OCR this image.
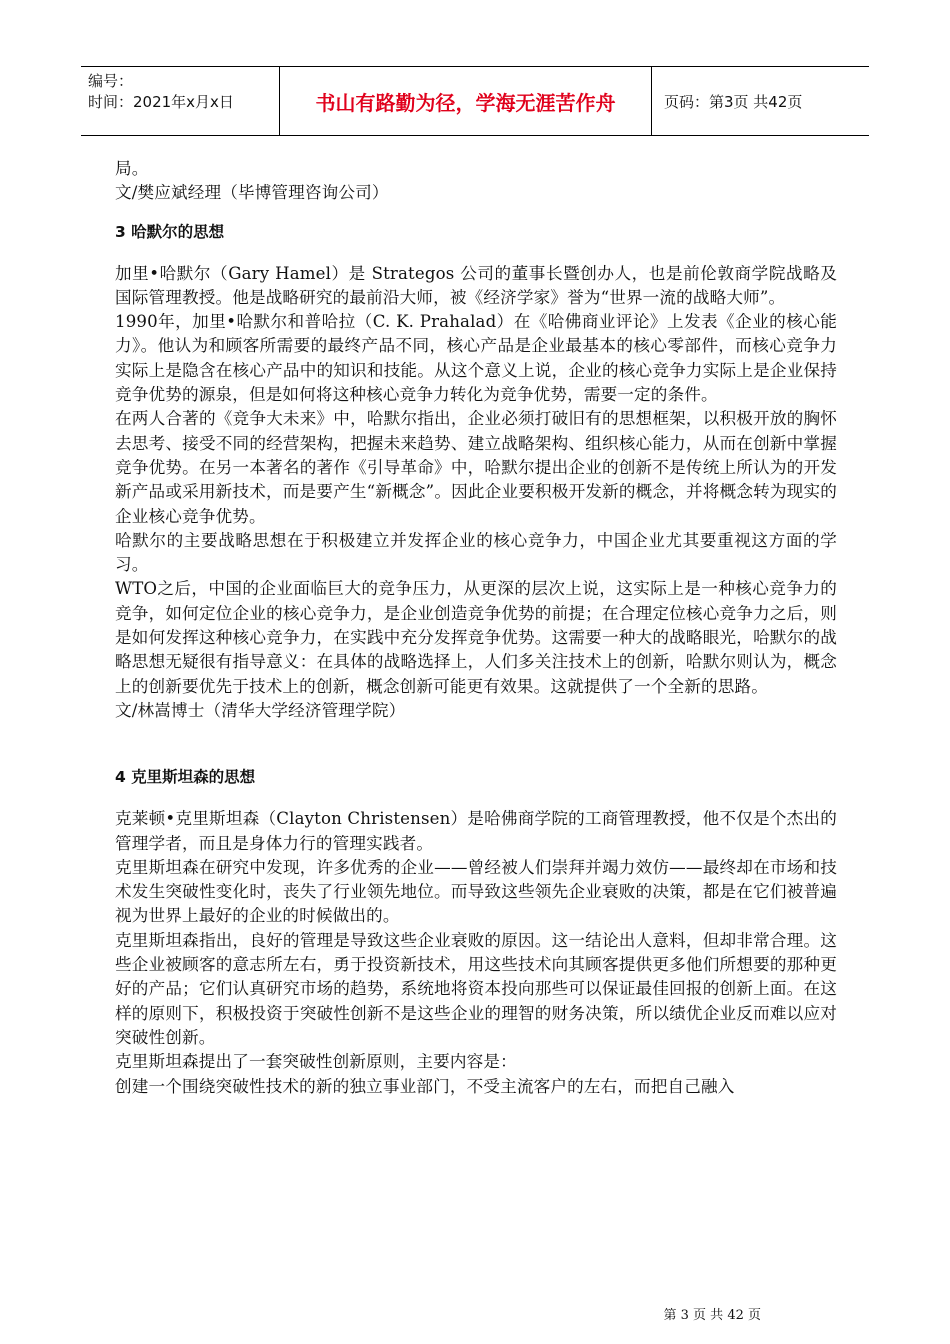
编号：
时间：2021年x月x日	书山有路勤为径，学海无涯苦作舟	页码：第3页 共42页

局。

文/樊应斌经理（毕博管理咨询公司）

3 哈默尔的思想

加里•哈默尔（Gary Hamel）是 Strategos 公司的董事长暨创办人，也是前伦敦商学院战略及国际管理教授。他是战略研究的最前沿大师，被《经济学家》誉为“世界一流的战略大师”。

1990年，加里•哈默尔和普哈拉（C. K. Prahalad）在《哈佛商业评论》上发表《企业的核心能力》。他认为和顾客所需要的最终产品不同，核心产品是企业最基本的核心零部件，而核心竞争力实际上是隐含在核心产品中的知识和技能。从这个意义上说，企业的核心竞争力实际上是企业保持竞争优势的源泉，但是如何将这种核心竞争力转化为竞争优势，需要一定的条件。

在两人合著的《竞争大未来》中，哈默尔指出，企业必须打破旧有的思想框架，以积极开放的胸怀去思考、接受不同的经营架构，把握未来趋势、建立战略架构、组织核心能力，从而在创新中掌握竞争优势。在另一本著名的著作《引导革命》中，哈默尔提出企业的创新不是传统上所认为的开发新产品或采用新技术，而是要产生“新概念”。因此企业要积极开发新的概念，并将概念转为现实的企业核心竞争优势。

哈默尔的主要战略思想在于积极建立并发挥企业的核心竞争力，中国企业尤其要重视这方面的学习。

WTO之后，中国的企业面临巨大的竞争压力，从更深的层次上说，这实际上是一种核心竞争力的竞争，如何定位企业的核心竞争力，是企业创造竞争优势的前提；在合理定位核心竞争力之后，则是如何发挥这种核心竞争力，在实践中充分发挥竞争优势。这需要一种大的战略眼光，哈默尔的战略思想无疑很有指导意义：在具体的战略选择上，人们多关注技术上的创新，哈默尔则认为，概念上的创新要优先于技术上的创新，概念创新可能更有效果。这就提供了一个全新的思路。

文/林嵩博士（清华大学经济管理学院）

4 克里斯坦森的思想

克莱顿•克里斯坦森（Clayton Christensen）是哈佛商学院的工商管理教授，他不仅是个杰出的管理学者，而且是身体力行的管理实践者。

克里斯坦森在研究中发现，许多优秀的企业——曾经被人们崇拜并竭力效仿——最终却在市场和技术发生突破性变化时，丧失了行业领先地位。而导致这些领先企业衰败的决策，都是在它们被普遍视为世界上最好的企业的时候做出的。

克里斯坦森指出，良好的管理是导致这些企业衰败的原因。这一结论出人意料，但却非常合理。这些企业被顾客的意志所左右，勇于投资新技术，用这些技术向其顾客提供更多他们所想要的那种更好的产品；它们认真研究市场的趋势，系统地将资本投向那些可以保证最佳回报的创新上面。在这样的原则下，积极投资于突破性创新不是这些企业的理智的财务决策，所以绩优企业反而难以应对突破性创新。

克里斯坦森提出了一套突破性创新原则，主要内容是：

创建一个围绕突破性技术的新的独立事业部门，不受主流客户的左右，而把自己融入

第 3 页 共 42 页
